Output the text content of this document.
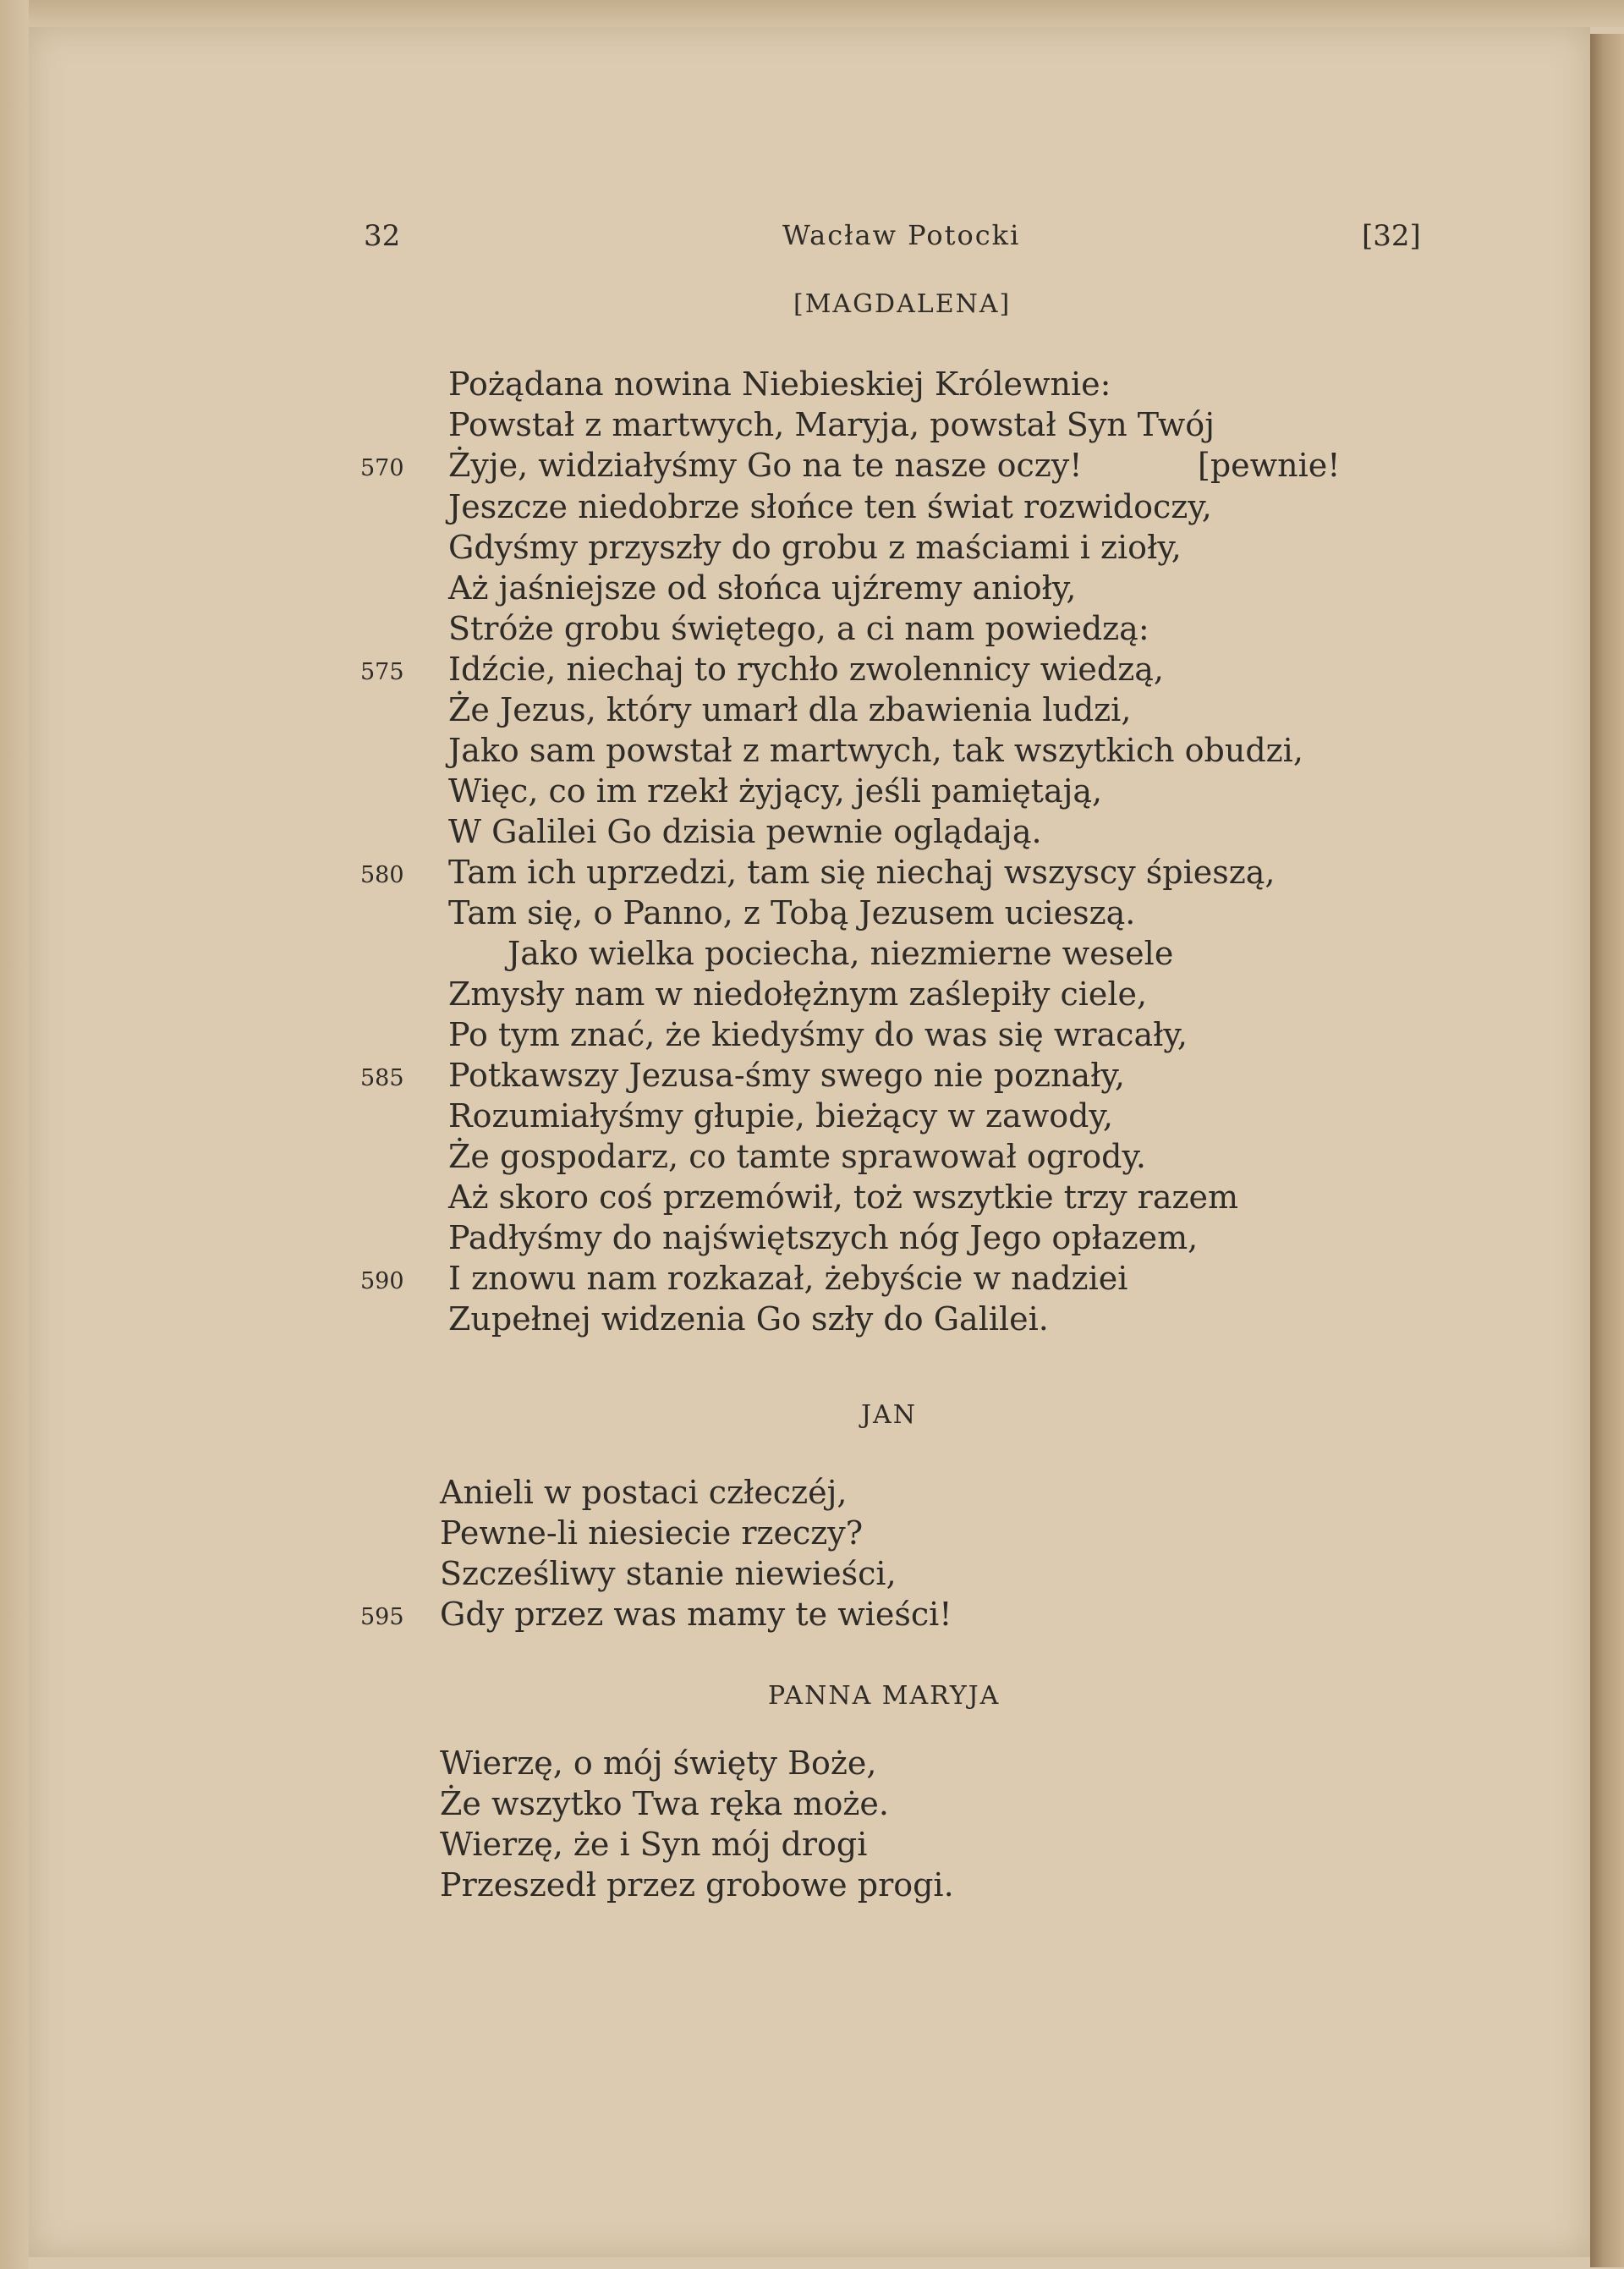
32	Wacław Potocki	[32]
[MAGDALENA]
Pożądana nowina Niebieskiej Królewnie:
Powstał z martwych, Maryja, powstał Syn Twój
Żyje, widziałyśmy Go na te nasze oczy!	[pewnie!
Jeszcze niedobrze słońce ten świat rozwidoczy,
Gdyśmy przyszły do grobu z maściami i zioły,
Aż jaśniejsze od słońca ujźremy anioły,
Stróże grobu świętego, a ci nam powiedzą:
Idźcie, niechaj to rychło zwolennicy wiedzą,
Że Jezus, który umarł dla zbawienia ludzi,
Jako sam powstał z martwych, tak wszytkich obudzi,
Więc, co im rzekł żyjący, jeśli pamiętają,
W Galilei Go dzisia pewnie oglądają.
Tam ich uprzedzi, tam się niechaj wszyscy śpieszą,
Tam się, o Panno, z Tobą Jezusem ucieszą.
Jako wielka pociecha, niezmierne wesele
Zmysły nam w niedołężnym zaślepiły ciele,
Po tym znać, że kiedyśmy do was się wracały,
Potkawszy Jezusa-śmy swego nie poznały,
Rozumiałyśmy głupie, bieżący w zawody,
Że gospodarz, co tamte sprawował ogrody.
Aż skoro coś przemówił, toż wszytkie trzy razem
Padłyśmy do najświętszych nóg Jego opłazem,
I znowu nam rozkazał, żebyście w nadziei
Zupełnej widzenia Go szły do Galilei.
JAN
Anieli w postaci człeczéj,
Pewne-li niesiecie rzeczy?
Szcześliwy stanie niewieści,
Gdy przez was mamy te wieści!
PANNA MARYJA
Wierzę, o mój święty Boże,
Że wszytko Twa ręka może.
Wierzę, że i Syn mój drogi
Przeszedł przez grobowe progi.
570
575
580
585
590
595
